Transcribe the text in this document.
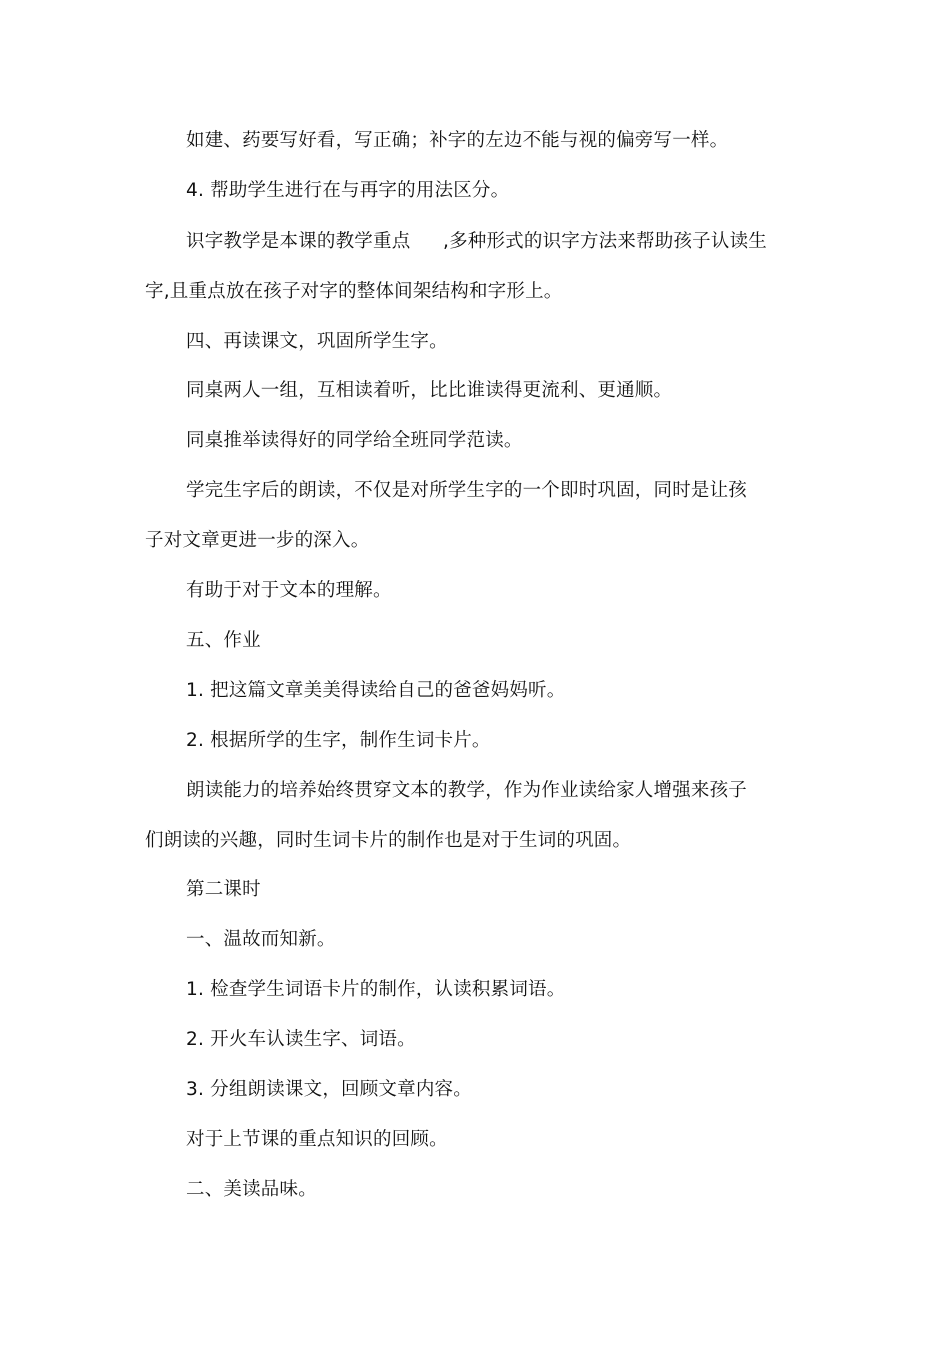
如建、药要写好看，写正确；补字的左边不能与视的偏旁写一样。
4. 帮助学生进行在与再字的用法区分。
识字教学是本课的教学重点 ,多种形式的识字方法来帮助孩子认读生
字,且重点放在孩子对字的整体间架结构和字形上。
四、再读课文，巩固所学生字。
同桌两人一组，互相读着听，比比谁读得更流利、更通顺。
同桌推举读得好的同学给全班同学范读。
学完生字后的朗读，不仅是对所学生字的一个即时巩固，同时是让孩
子对文章更进一步的深入。
有助于对于文本的理解。
五、作业
1. 把这篇文章美美得读给自己的爸爸妈妈听。
2. 根据所学的生字，制作生词卡片。
朗读能力的培养始终贯穿文本的教学，作为作业读给家人增强来孩子
们朗读的兴趣，同时生词卡片的制作也是对于生词的巩固。
第二课时
一、温故而知新。
1. 检查学生词语卡片的制作，认读积累词语。
2. 开火车认读生字、词语。
3. 分组朗读课文，回顾文章内容。
对于上节课的重点知识的回顾。
二、美读品味。
